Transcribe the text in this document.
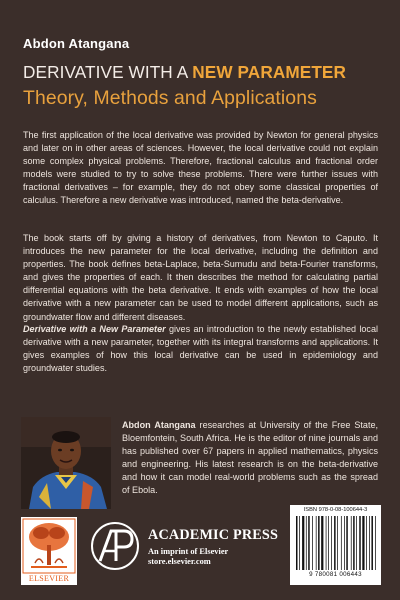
Abdon Atangana
DERIVATIVE WITH A NEW PARAMETER
Theory, Methods and Applications

The first application of the local derivative was provided by Newton for general physics and later on in other areas of sciences. However, the local derivative could not explain some complex physical problems. Therefore, fractional calculus and fractional order models were studied to try to solve these problems. There were further issues with fractional derivatives – for example, they do not obey some classical properties of calculus. Therefore a new derivative was introduced, named the beta-derivative.

The book starts off by giving a history of derivatives, from Newton to Caputo. It introduces the new parameter for the local derivative, including the definition and properties. The book defines beta-Laplace, beta-Sumudu and beta-Fourier transforms, and gives the properties of each. It then describes the method for calculating partial differential equations with the beta derivative. It ends with examples of how the local derivative with a new parameter can be used to model different applications, such as groundwater flow and different diseases.

Derivative with a New Parameter gives an introduction to the newly established local derivative with a new parameter, together with its integral transforms and applications. It gives examples of how this local derivative can be used in epidemiology and groundwater studies.

Abdon Atangana researches at University of the Free State, Bloemfontein, South Africa. He is the editor of nine journals and has published over 67 papers in applied mathematics, physics and engineering. His latest research is on the beta-derivative and how it can model real-world problems such as the spread of Ebola.

ELSEVIER
ACADEMIC PRESS
An imprint of Elsevier
store.elsevier.com
ISBN 978-0-08-100644-3
9 780081 006443
